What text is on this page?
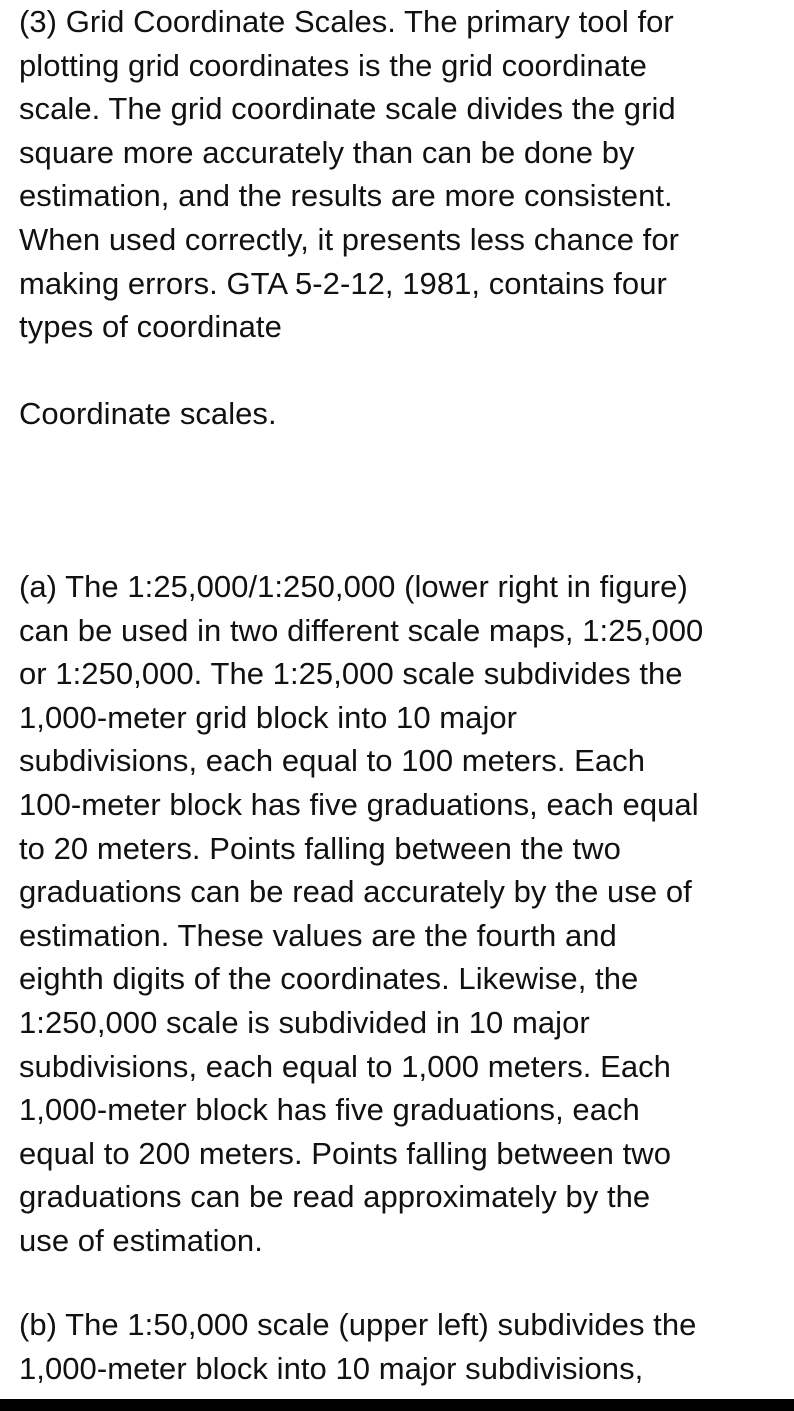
(3) Grid Coordinate Scales. The primary tool for
plotting grid coordinates is the grid coordinate
scale. The grid coordinate scale divides the grid
square more accurately than can be done by
estimation, and the results are more consistent.
When used correctly, it presents less chance for
making errors. GTA 5-2-12, 1981, contains four
types of coordinate
Coordinate scales.
(a) The 1:25,000/1:250,000 (lower right in figure)
can be used in two different scale maps, 1:25,000
or 1:250,000. The 1:25,000 scale subdivides the
1,000-meter grid block into 10 major
subdivisions, each equal to 100 meters. Each
100-meter block has five graduations, each equal
to 20 meters. Points falling between the two
graduations can be read accurately by the use of
estimation. These values are the fourth and
eighth digits of the coordinates. Likewise, the
1:250,000 scale is subdivided in 10 major
subdivisions, each equal to 1,000 meters. Each
1,000-meter block has five graduations, each
equal to 200 meters. Points falling between two
graduations can be read approximately by the
use of estimation.
(b) The 1:50,000 scale (upper left) subdivides the
1,000-meter block into 10 major subdivisions,
